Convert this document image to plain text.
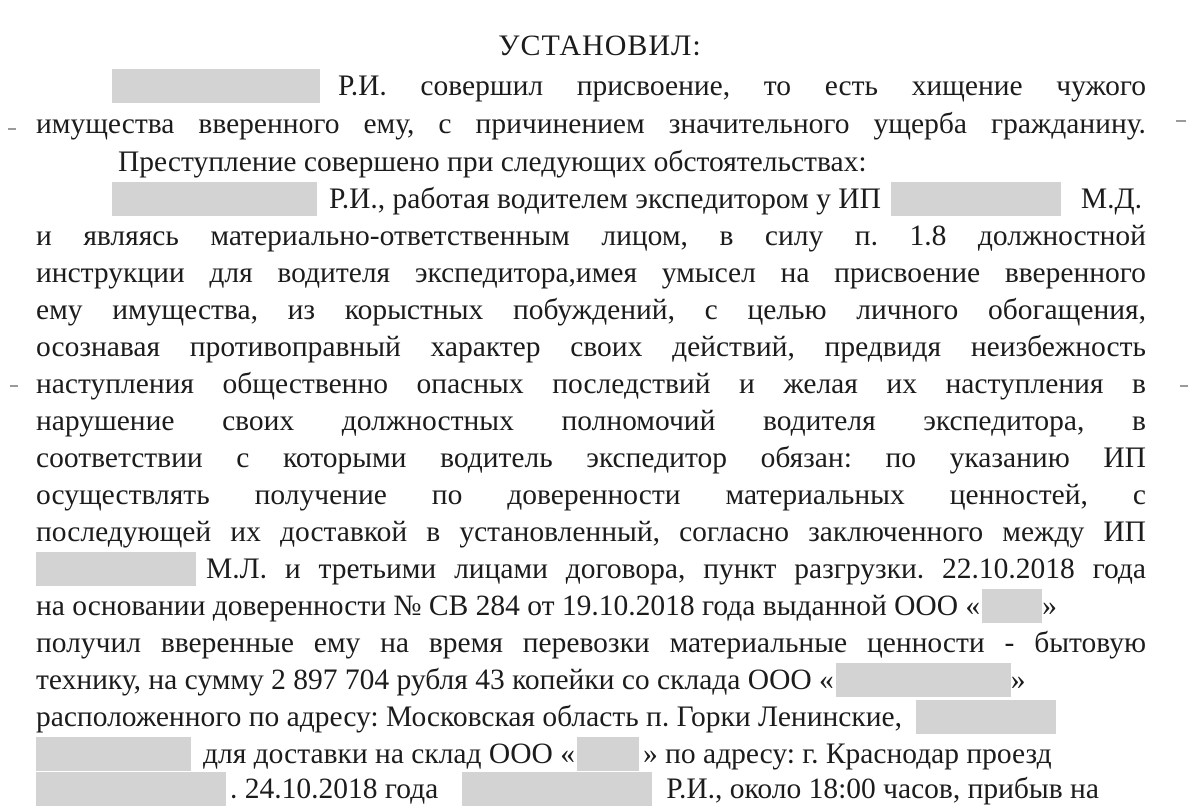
УСТАНОВИЛ:
Р.И. совершил присвоение, то есть хищение чужого
имущества вверенного ему, с причинением значительного ущерба гражданину.
Преступление совершено при следующих обстоятельствах:
Р.И., работая водителем экспедитором у ИП	М.Д.
и являясь материально-ответственным лицом, в силу п. 1.8 должностной
инструкции для водителя экспедитора,имея умысел на присвоение вверенного
ему имущества, из корыстных побуждений, с целью личного обогащения,
осознавая противоправный характер своих действий, предвидя неизбежность
наступления общественно опасных последствий и желая их наступления в
нарушение своих должностных полномочий водителя экспедитора, в
соответствии с которыми водитель экспедитор обязан: по указанию ИП
осуществлять получение по доверенности материальных ценностей, с
последующей их доставкой в установленный, согласно заключенного между ИП
М.Л. и третьими лицами договора, пункт разгрузки. 22.10.2018 года
на основании доверенности № СВ 284 от 19.10.2018 года выданной ООО « »
получил вверенные ему на время перевозки материальные ценности - бытовую
технику, на сумму 2 897 704 рубля 43 копейки со склада ООО «	»
расположенного по адресу: Московская область п. Горки Ленинские,
для доставки на склад ООО « » по адресу: г. Краснодар проезд
. 24.10.2018 года	Р.И., около 18:00 часов, прибыв на
